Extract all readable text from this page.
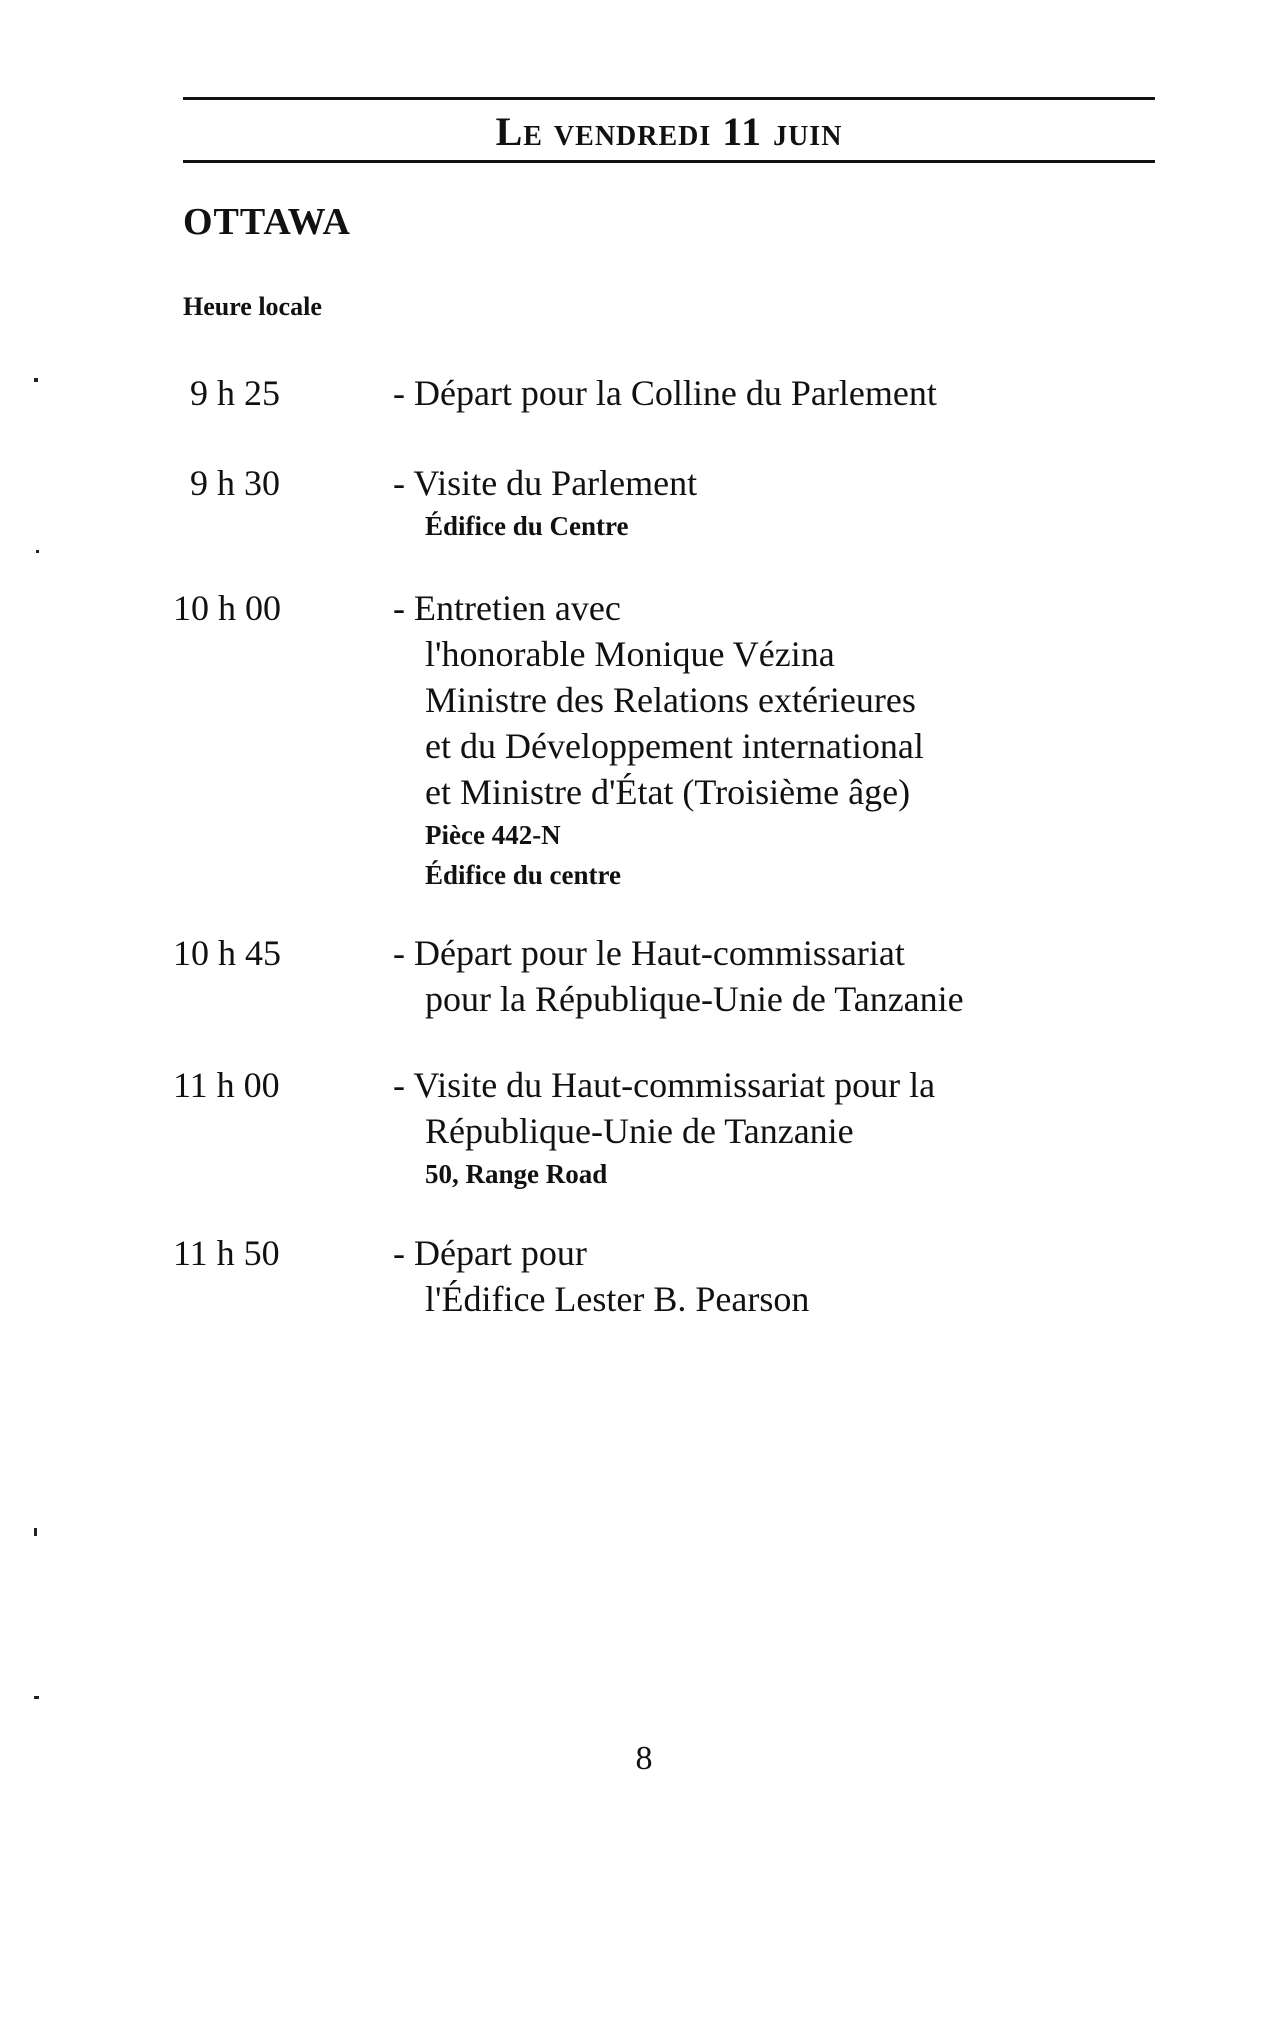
Le vendredi 11 juin
OTTAWA
Heure locale
9 h 25	- Départ pour la Colline du Parlement
9 h 30	- Visite du Parlement
Édifice du Centre
10 h 00	- Entretien avec
l'honorable Monique Vézina
Ministre des Relations extérieures
et du Développement international
et Ministre d'État (Troisième âge)
Pièce 442-N
Édifice du centre
10 h 45	- Départ pour le Haut-commissariat
pour la République-Unie de Tanzanie
11 h 00	- Visite du Haut-commissariat pour la
République-Unie de Tanzanie
50, Range Road
11 h 50	- Départ pour
l'Édifice Lester B. Pearson
8
